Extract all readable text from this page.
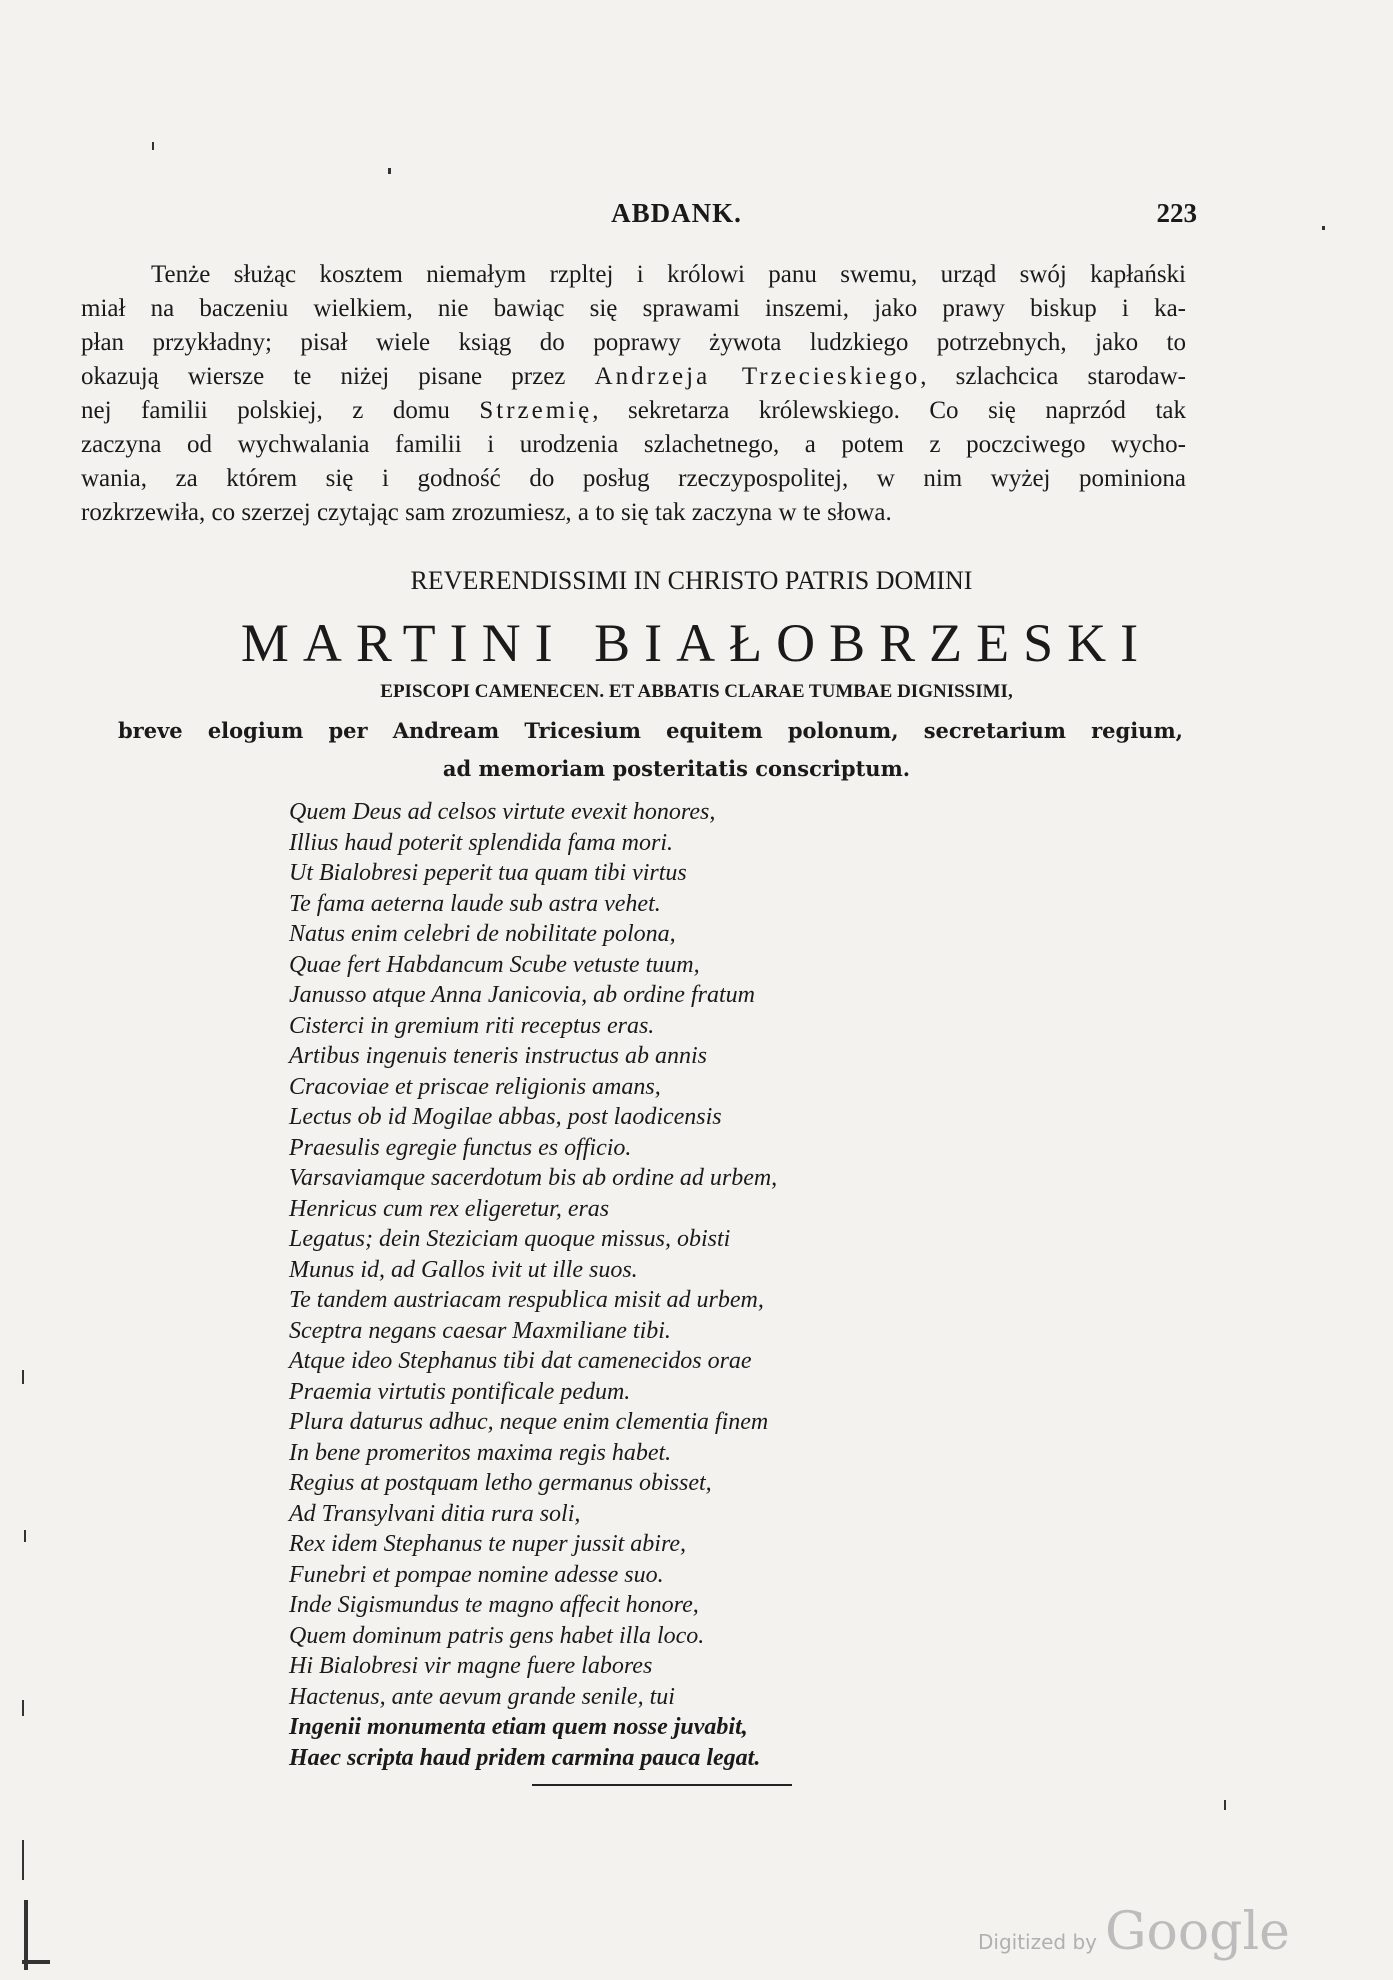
ABDANK.	223
Tenże służąc kosztem niemałym rzpltej i królowi panu swemu, urząd swój kapłański
miał na baczeniu wielkiem, nie bawiąc się sprawami inszemi, jako prawy biskup i ka-
płan przykładny; pisał wiele ksiąg do poprawy żywota ludzkiego potrzebnych, jako to
okazują wiersze te niżej pisane przez Andrzeja Trzecieskiego, szlachcica starodaw-
nej familii polskiej, z domu Strzemię, sekretarza królewskiego. Co się naprzód tak
zaczyna od wychwalania familii i urodzenia szlachetnego, a potem z poczciwego wycho-
wania, za którem się i godność do posług rzeczypospolitej, w nim wyżej pominiona
rozkrzewiła, co szerzej czytając sam zrozumiesz, a to się tak zaczyna w te słowa.
REVERENDISSIMI IN CHRISTO PATRIS DOMINI
MARTINI BIAŁOBRZESKI
EPISCOPI CAMENECEN. ET ABBATIS CLARAE TUMBAE DIGNISSIMI,
breve elogium per Andream Tricesium equitem polonum, secretarium regium,
ad memoriam posteritatis conscriptum.
Quem Deus ad celsos virtute evexit honores,
Illius haud poterit splendida fama mori.
Ut Bialobresi peperit tua quam tibi virtus
Te fama aeterna laude sub astra vehet.
Natus enim celebri de nobilitate polona,
Quae fert Habdancum Scube vetuste tuum,
Janusso atque Anna Janicovia, ab ordine fratum
Cisterci in gremium riti receptus eras.
Artibus ingenuis teneris instructus ab annis
Cracoviae et priscae religionis amans,
Lectus ob id Mogilae abbas, post laodicensis
Praesulis egregie functus es officio.
Varsaviamque sacerdotum bis ab ordine ad urbem,
Henricus cum rex eligeretur, eras
Legatus; dein Steziciam quoque missus, obisti
Munus id, ad Gallos ivit ut ille suos.
Te tandem austriacam respublica misit ad urbem,
Sceptra negans caesar Maxmiliane tibi.
Atque ideo Stephanus tibi dat camenecidos orae
Praemia virtutis pontificale pedum.
Plura daturus adhuc, neque enim clementia finem
In bene promeritos maxima regis habet.
Regius at postquam letho germanus obisset,
Ad Transylvani ditia rura soli,
Rex idem Stephanus te nuper jussit abire,
Funebri et pompae nomine adesse suo.
Inde Sigismundus te magno affecit honore,
Quem dominum patris gens habet illa loco.
Hi Bialobresi vir magne fuere labores
Hactenus, ante aevum grande senile, tui
Ingenii monumenta etiam quem nosse juvabit,
Haec scripta haud pridem carmina pauca legat.
Digitized by Google
